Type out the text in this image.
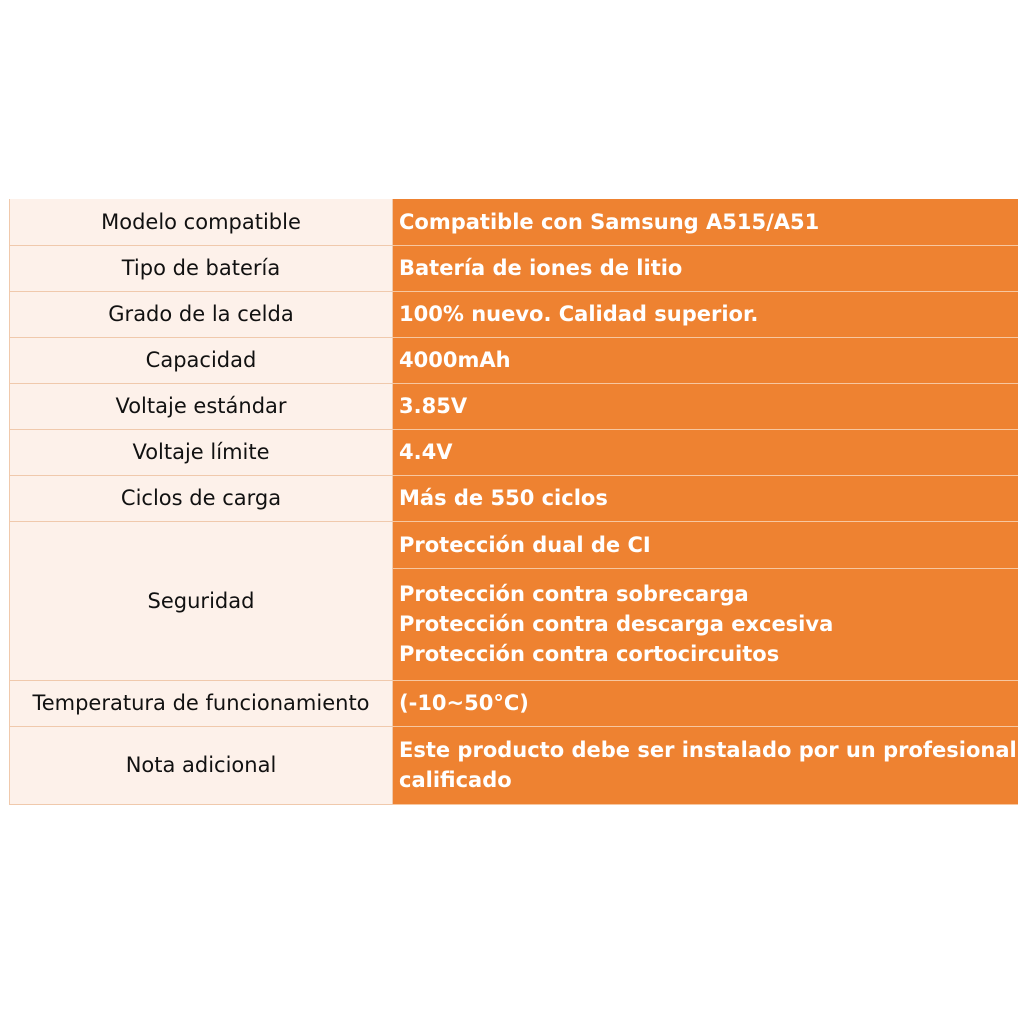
Modelo compatible	Compatible con Samsung A515/A51
Tipo de batería	Batería de iones de litio
Grado de la celda	100% nuevo. Calidad superior.
Capacidad	4000mAh
Voltaje estándar	3.85V
Voltaje límite	4.4V
Ciclos de carga	Más de 550 ciclos
Seguridad	Protección dual de CI
Protección contra sobrecarga
Protección contra descarga excesiva
Protección contra cortocircuitos

Temperatura de funcionamiento	(-10~50°C)
Nota adicional	Este producto debe ser instalado por un profesional
calificado
